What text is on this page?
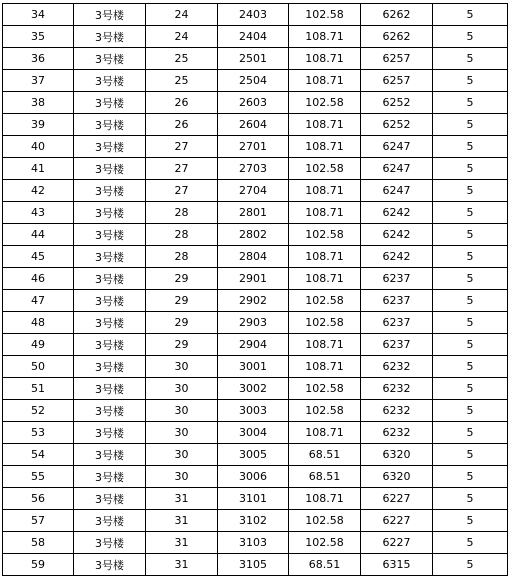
34	3号楼	24	2403	102.58	6262	5
35	3号楼	24	2404	108.71	6262	5
36	3号楼	25	2501	108.71	6257	5
37	3号楼	25	2504	108.71	6257	5
38	3号楼	26	2603	102.58	6252	5
39	3号楼	26	2604	108.71	6252	5
40	3号楼	27	2701	108.71	6247	5
41	3号楼	27	2703	102.58	6247	5
42	3号楼	27	2704	108.71	6247	5
43	3号楼	28	2801	108.71	6242	5
44	3号楼	28	2802	102.58	6242	5
45	3号楼	28	2804	108.71	6242	5
46	3号楼	29	2901	108.71	6237	5
47	3号楼	29	2902	102.58	6237	5
48	3号楼	29	2903	102.58	6237	5
49	3号楼	29	2904	108.71	6237	5
50	3号楼	30	3001	108.71	6232	5
51	3号楼	30	3002	102.58	6232	5
52	3号楼	30	3003	102.58	6232	5
53	3号楼	30	3004	108.71	6232	5
54	3号楼	30	3005	68.51	6320	5
55	3号楼	30	3006	68.51	6320	5
56	3号楼	31	3101	108.71	6227	5
57	3号楼	31	3102	102.58	6227	5
58	3号楼	31	3103	102.58	6227	5
59	3号楼	31	3105	68.51	6315	5
